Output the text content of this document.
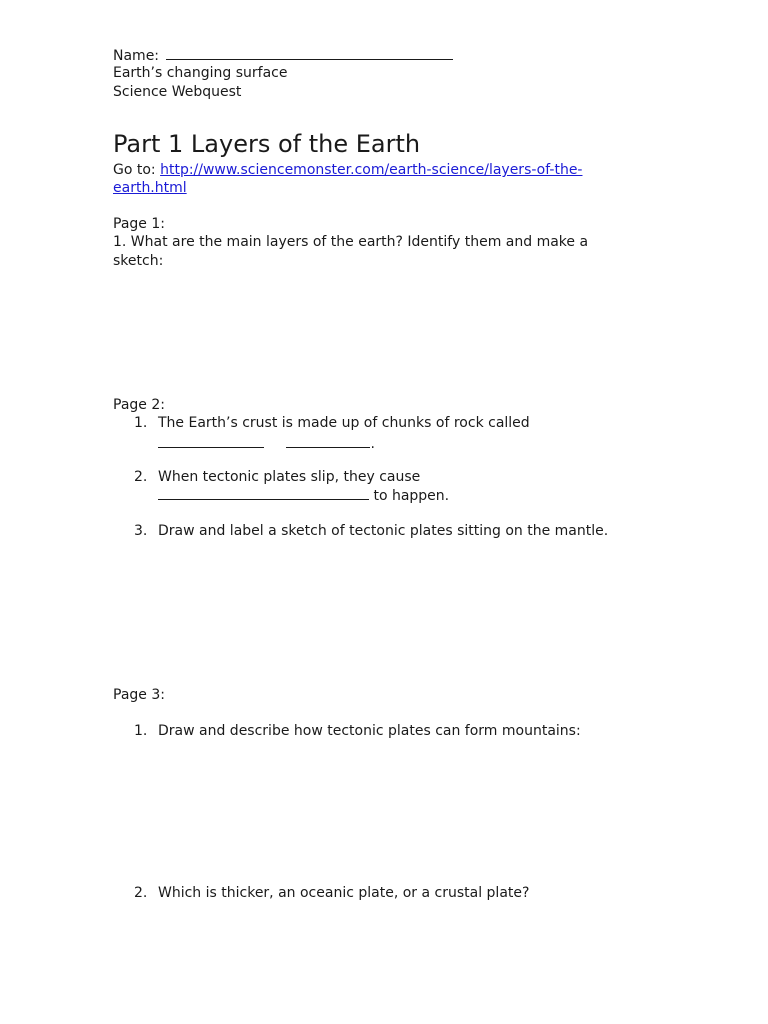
Name:
Earth’s changing surface
Science Webquest
Part 1 Layers of the Earth
Go to: http://www.sciencemonster.com/earth-science/layers-of-the-
earth.html
Page 1:
1. What are the main layers of the earth? Identify them and make a
sketch:
Page 2:
1. The Earth’s crust is made up of chunks of rock called
.
2. When tectonic plates slip, they cause
to happen.
3. Draw and label a sketch of tectonic plates sitting on the mantle.
Page 3:
1. Draw and describe how tectonic plates can form mountains:
2. Which is thicker, an oceanic plate, or a crustal plate?
